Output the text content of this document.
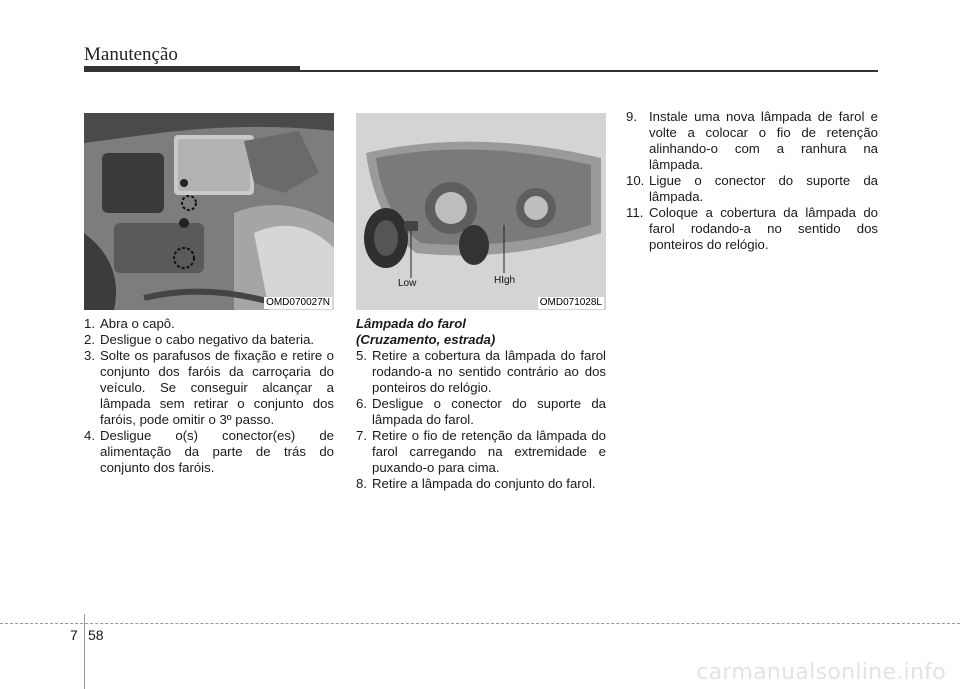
Manutenção
OMD070027N
Low	HIgh
OMD071028L
1. Abra o capô.
2. Desligue o cabo negativo da bateria.
3. Solte os parafusos de fixação e retire o conjunto dos faróis da carroçaria do veículo. Se conseguir alcançar a lâmpada sem retirar o conjunto dos faróis, pode omitir o 3º passo.
4. Desligue o(s) conector(es) de alimentação da parte de trás do conjunto dos faróis.

Lâmpada do farol

(Cruzamento, estrada)

5. Retire a cobertura da lâmpada do farol rodando-a no sentido contrário ao dos ponteiros do relógio.
6. Desligue o conector do suporte da lâmpada do farol.
7. Retire o fio de retenção da lâmpada do farol carregando na extremidade e puxando-o para cima.
8. Retire a lâmpada do conjunto do farol.
9. Instale uma nova lâmpada de farol e volte a colocar o fio de retenção alinhando-o com a ranhura na lâmpada.
10. Ligue o conector do suporte da lâmpada.
11. Coloque a cobertura da lâmpada do farol rodando-a no sentido dos ponteiros do relógio.
7 58
carmanualsonline.info
